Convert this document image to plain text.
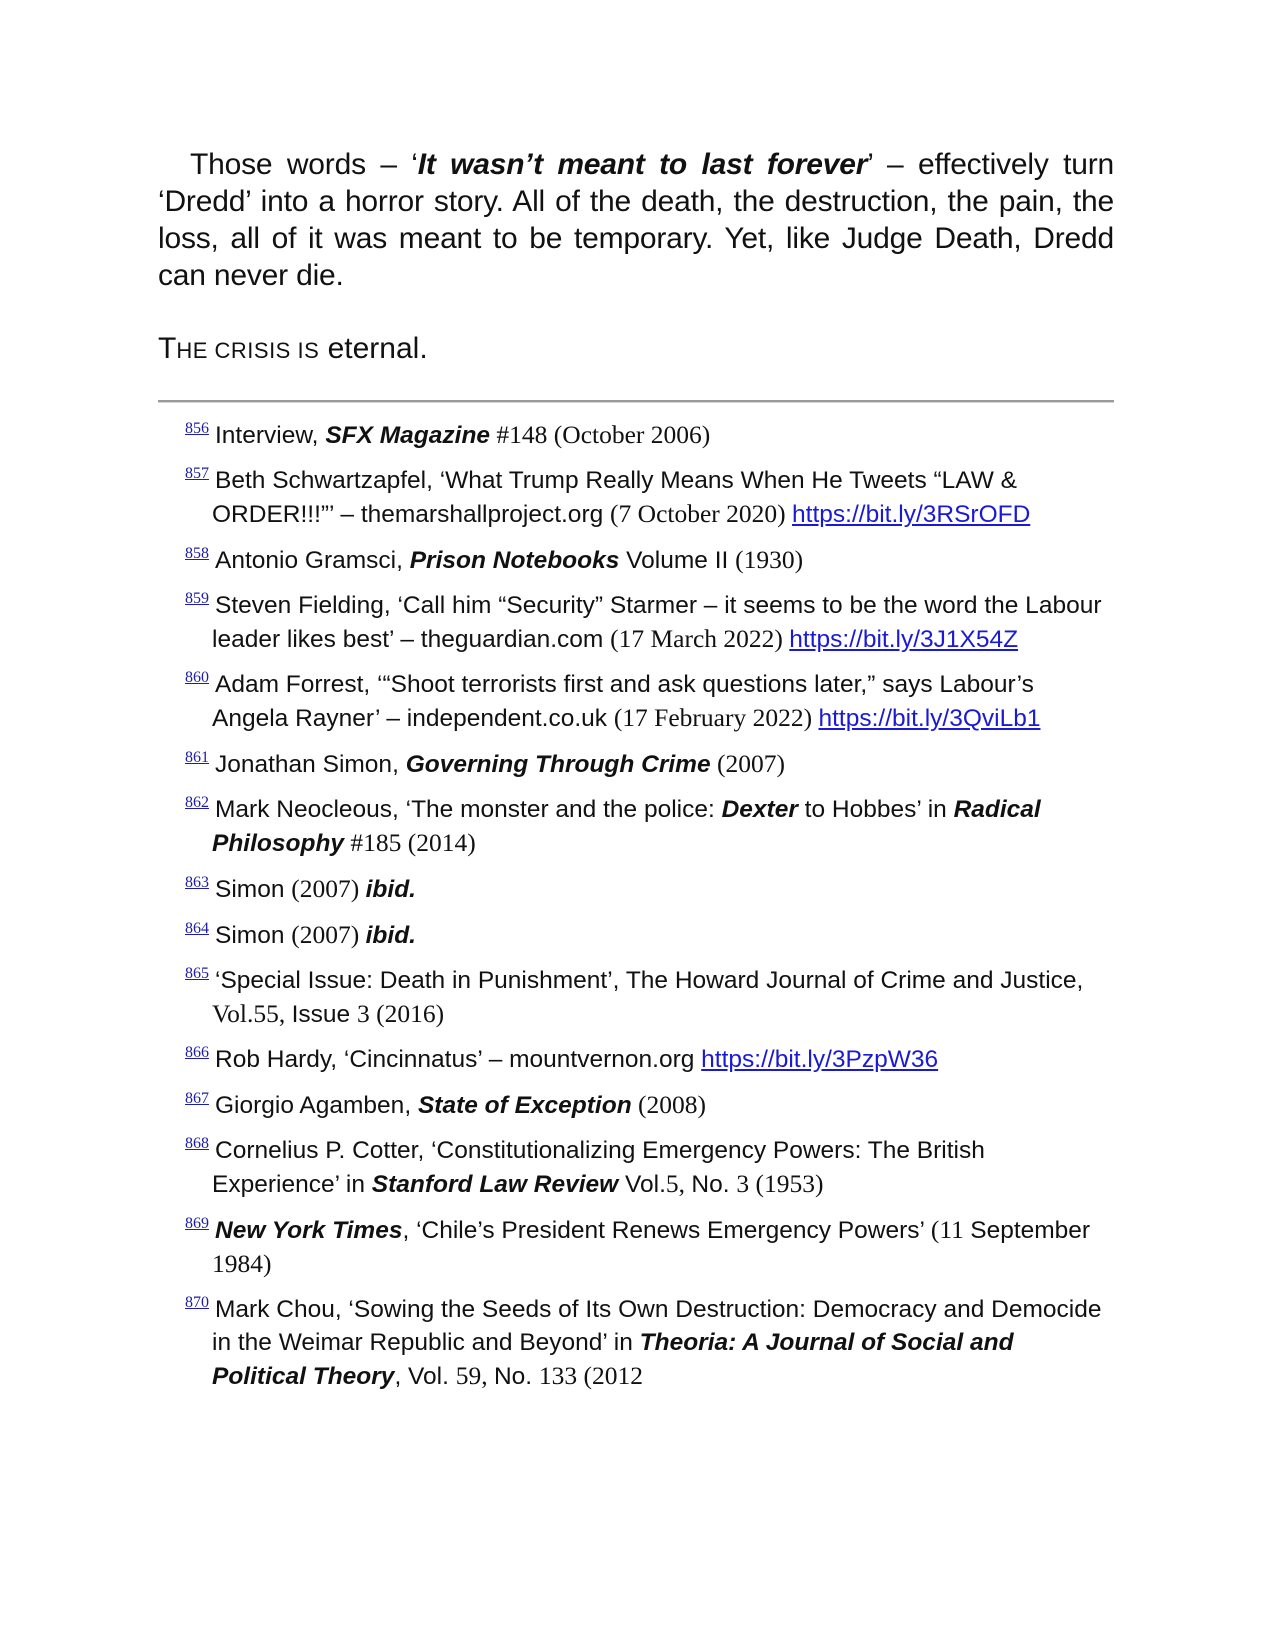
Those words – ‘It wasn’t meant to last forever’ – effectively turn ‘Dredd’ into a horror story. All of the death, the destruction, the pain, the loss, all of it was meant to be temporary. Yet, like Judge Death, Dredd can never die.

THE CRISIS IS eternal.

$^{856}$ Interview, SFX Magazine #148 (October 2006)

$^{857}$ Beth Schwartzapfel, ‘What Trump Really Means When He Tweets “LAW & ORDER!!!”’ – themarshallproject.org (7 October 2020) https://bit.ly/3RSrOFD

$^{858}$ Antonio Gramsci, Prison Notebooks Volume II (1930)

$^{859}$ Steven Fielding, ‘Call him “Security” Starmer – it seems to be the word the Labour leader likes best’ – theguardian.com (17 March 2022) https://bit.ly/3J1X54Z

$^{860}$ Adam Forrest, ‘“Shoot terrorists first and ask questions later,” says Labour’s Angela Rayner’ – independent.co.uk (17 February 2022) https://bit.ly/3QviLb1

$^{861}$ Jonathan Simon, Governing Through Crime (2007)

$^{862}$ Mark Neocleous, ‘The monster and the police: Dexter to Hobbes’ in Radical Philosophy #185 (2014)

$^{863}$ Simon (2007) ibid.

$^{864}$ Simon (2007) ibid.

$^{865}$ ‘Special Issue: Death in Punishment’, The Howard Journal of Crime and Justice, Vol.55, Issue 3 (2016)

$^{866}$ Rob Hardy, ‘Cincinnatus’ – mountvernon.org https://bit.ly/3PzpW36

$^{867}$ Giorgio Agamben, State of Exception (2008)

$^{868}$ Cornelius P. Cotter, ‘Constitutionalizing Emergency Powers: The British Experience’ in Stanford Law Review Vol.5, No. 3 (1953)

$^{869}$ New York Times, ‘Chile’s President Renews Emergency Powers’ (11 September 1984)

$^{870}$ Mark Chou, ‘Sowing the Seeds of Its Own Destruction: Democracy and Democide in the Weimar Republic and Beyond’ in Theoria: A Journal of Social and Political Theory, Vol. 59, No. 133 (2012
